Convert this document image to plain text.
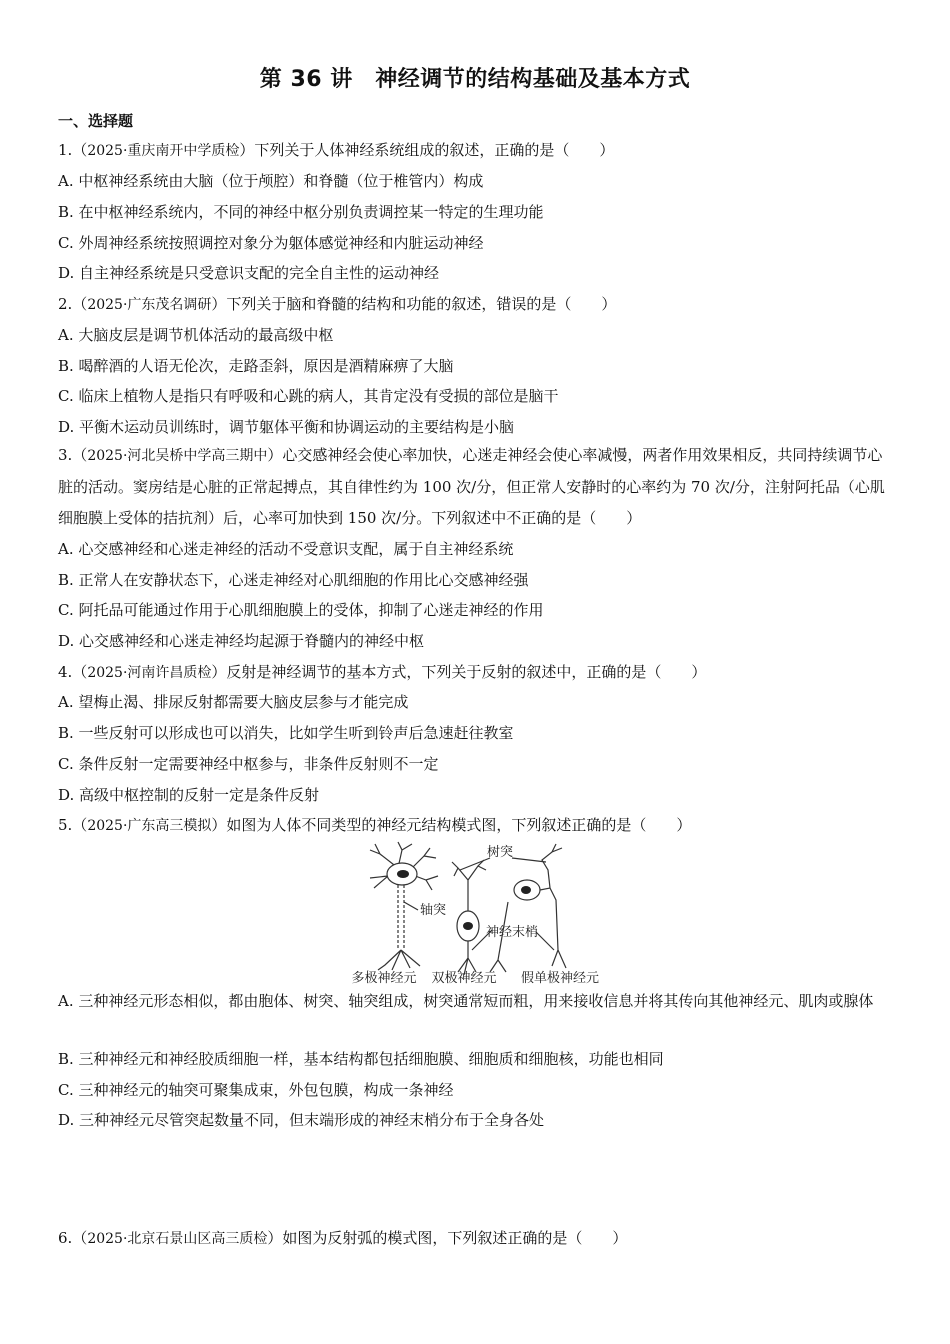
第 36 讲　神经调节的结构基础及基本方式
一、选择题
1.（2025·重庆南开中学质检）下列关于人体神经系统组成的叙述，正确的是（　　）
A. 中枢神经系统由大脑（位于颅腔）和脊髓（位于椎管内）构成
B. 在中枢神经系统内，不同的神经中枢分别负责调控某一特定的生理功能
C. 外周神经系统按照调控对象分为躯体感觉神经和内脏运动神经
D. 自主神经系统是只受意识支配的完全自主性的运动神经
2.（2025·广东茂名调研）下列关于脑和脊髓的结构和功能的叙述，错误的是（　　）
A. 大脑皮层是调节机体活动的最高级中枢
B. 喝醉酒的人语无伦次，走路歪斜，原因是酒精麻痹了大脑
C. 临床上植物人是指只有呼吸和心跳的病人，其肯定没有受损的部位是脑干
D. 平衡木运动员训练时，调节躯体平衡和协调运动的主要结构是小脑
3.（2025·河北吴桥中学高三期中）心交感神经会使心率加快，心迷走神经会使心率减慢，两者作用效果相反，共同持续调节心脏的活动。窦房结是心脏的正常起搏点，其自律性约为 100 次/分，但正常人安静时的心率约为 70 次/分，注射阿托品（心肌细胞膜上受体的拮抗剂）后，心率可加快到 150 次/分。下列叙述中不正确的是（　　）
A. 心交感神经和心迷走神经的活动不受意识支配，属于自主神经系统
B. 正常人在安静状态下，心迷走神经对心肌细胞的作用比心交感神经强
C. 阿托品可能通过作用于心肌细胞膜上的受体，抑制了心迷走神经的作用
D. 心交感神经和心迷走神经均起源于脊髓内的神经中枢
4.（2025·河南许昌质检）反射是神经调节的基本方式，下列关于反射的叙述中，正确的是（　　）
A. 望梅止渴、排尿反射都需要大脑皮层参与才能完成
B. 一些反射可以形成也可以消失，比如学生听到铃声后急速赶往教室
C. 条件反射一定需要神经中枢参与，非条件反射则不一定
D. 高级中枢控制的反射一定是条件反射
5.（2025·广东高三模拟）如图为人体不同类型的神经元结构模式图，下列叙述正确的是（　　）
树突
轴突
神经末梢
多极神经元 双极神经元 假单极神经元
A. 三种神经元形态相似，都由胞体、树突、轴突组成，树突通常短而粗，用来接收信息并将其传向其他神经元、肌肉或腺体
B. 三种神经元和神经胶质细胞一样，基本结构都包括细胞膜、细胞质和细胞核，功能也相同
C. 三种神经元的轴突可聚集成束，外包包膜，构成一条神经
D. 三种神经元尽管突起数量不同，但末端形成的神经末梢分布于全身各处
6.（2025·北京石景山区高三质检）如图为反射弧的模式图，下列叙述正确的是（　　）
